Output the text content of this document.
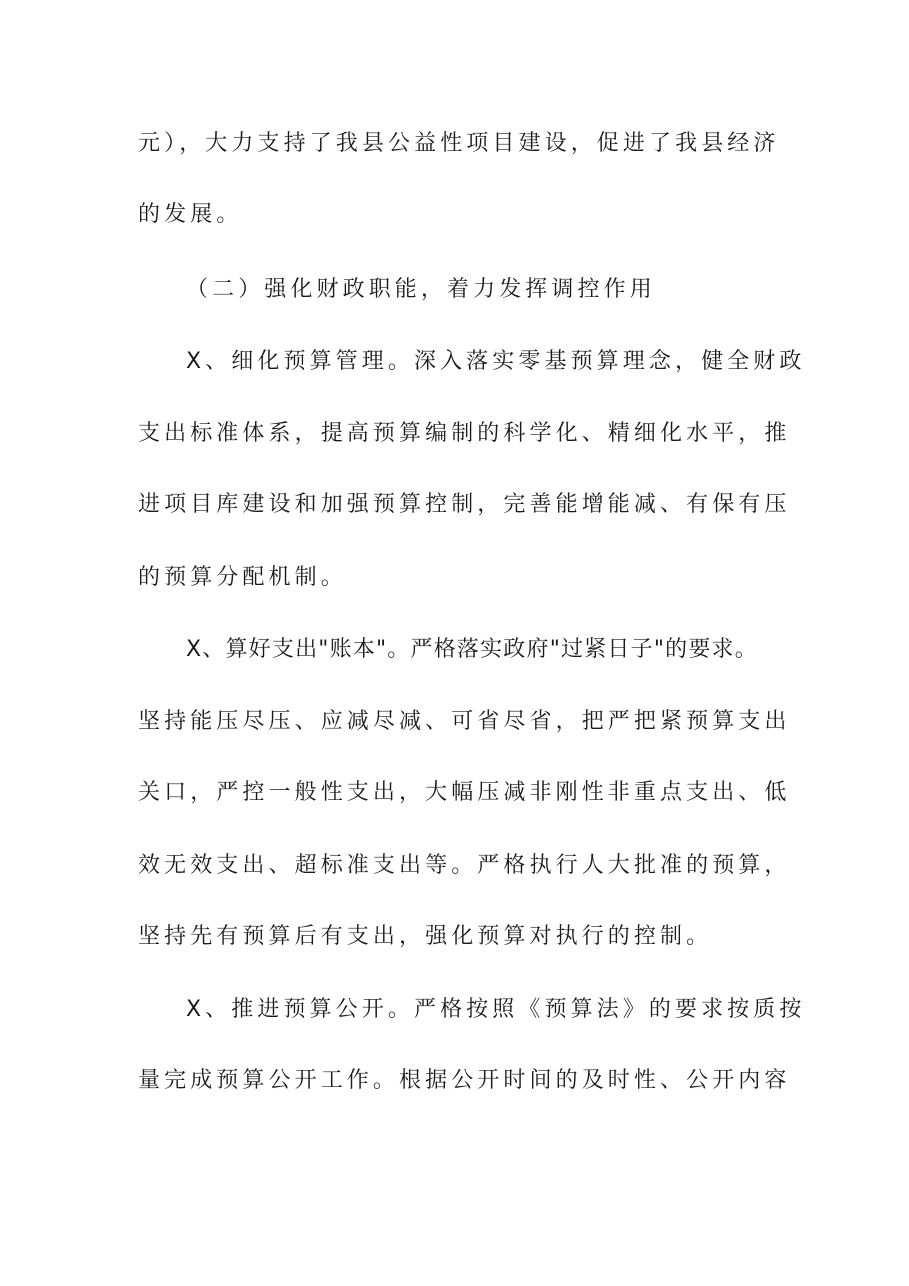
元），大力支持了我县公益性项目建设，促进了我县经济
的发展。
（二）强化财政职能，着力发挥调控作用
X、细化预算管理。深入落实零基预算理念，健全财政
支出标准体系，提高预算编制的科学化、精细化水平，推
进项目库建设和加强预算控制，完善能增能减、有保有压
的预算分配机制。
X、算好支出"账本"。严格落实政府"过紧日子"的要求。
坚持能压尽压、应减尽减、可省尽省，把严把紧预算支出
关口，严控一般性支出，大幅压减非刚性非重点支出、低
效无效支出、超标准支出等。严格执行人大批准的预算，
坚持先有预算后有支出，强化预算对执行的控制。
X、推进预算公开。严格按照《预算法》的要求按质按
量完成预算公开工作。根据公开时间的及时性、公开内容
